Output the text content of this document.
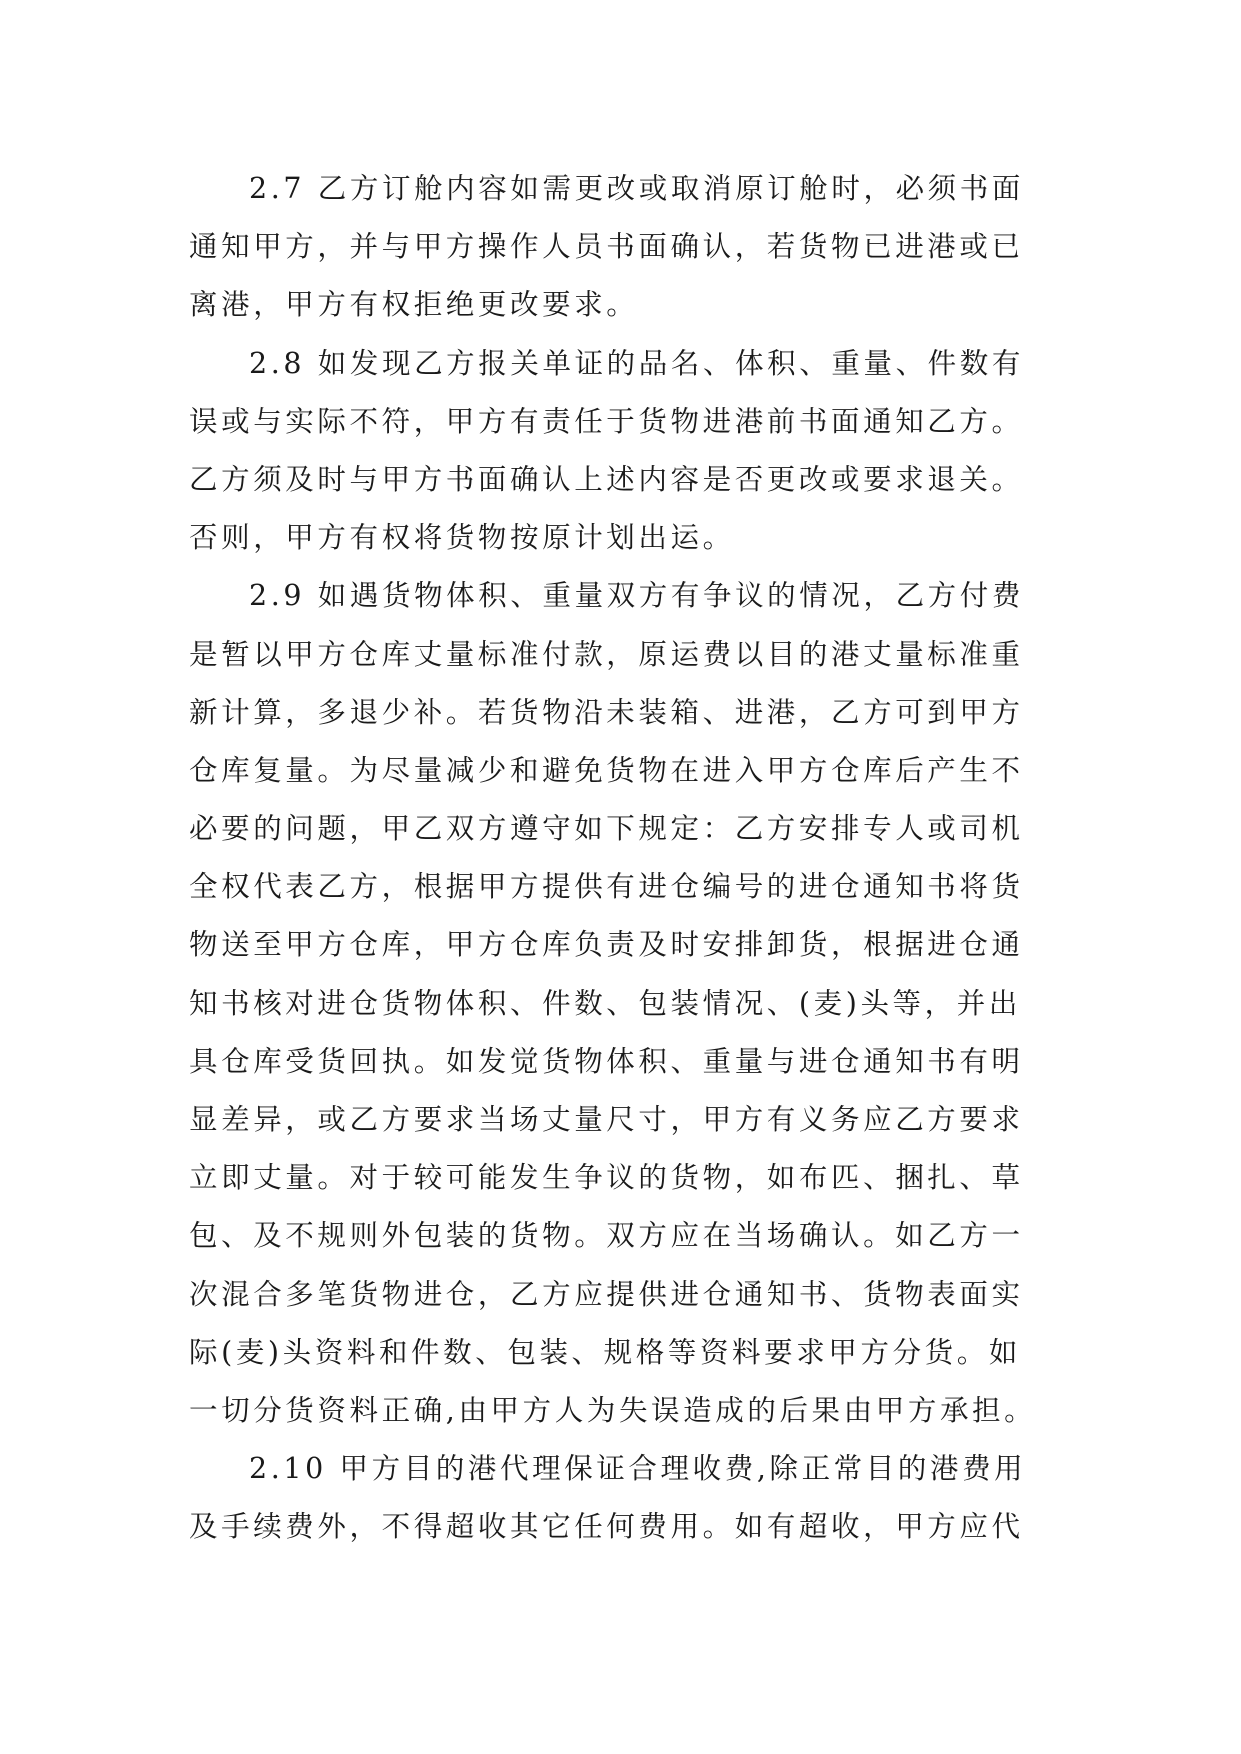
2.7 乙方订舱内容如需更改或取消原订舱时，必须书面
通知甲方，并与甲方操作人员书面确认，若货物已进港或已
离港，甲方有权拒绝更改要求。
2.8 如发现乙方报关单证的品名、体积、重量、件数有
误或与实际不符，甲方有责任于货物进港前书面通知乙方。
乙方须及时与甲方书面确认上述内容是否更改或要求退关。
否则，甲方有权将货物按原计划出运。
2.9 如遇货物体积、重量双方有争议的情况，乙方付费
是暂以甲方仓库丈量标准付款，原运费以目的港丈量标准重
新计算，多退少补。若货物沿未装箱、进港，乙方可到甲方
仓库复量。为尽量减少和避免货物在进入甲方仓库后产生不
必要的问题，甲乙双方遵守如下规定：乙方安排专人或司机
全权代表乙方，根据甲方提供有进仓编号的进仓通知书将货
物送至甲方仓库，甲方仓库负责及时安排卸货，根据进仓通
知书核对进仓货物体积、件数、包装情况、(麦)头等，并出
具仓库受货回执。如发觉货物体积、重量与进仓通知书有明
显差异，或乙方要求当场丈量尺寸，甲方有义务应乙方要求
立即丈量。对于较可能发生争议的货物，如布匹、捆扎、草
包、及不规则外包装的货物。双方应在当场确认。如乙方一
次混合多笔货物进仓，乙方应提供进仓通知书、货物表面实
际(麦)头资料和件数、包装、规格等资料要求甲方分货。如
一切分货资料正确,由甲方人为失误造成的后果由甲方承担。
2.10 甲方目的港代理保证合理收费,除正常目的港费用
及手续费外，不得超收其它任何费用。如有超收，甲方应代
